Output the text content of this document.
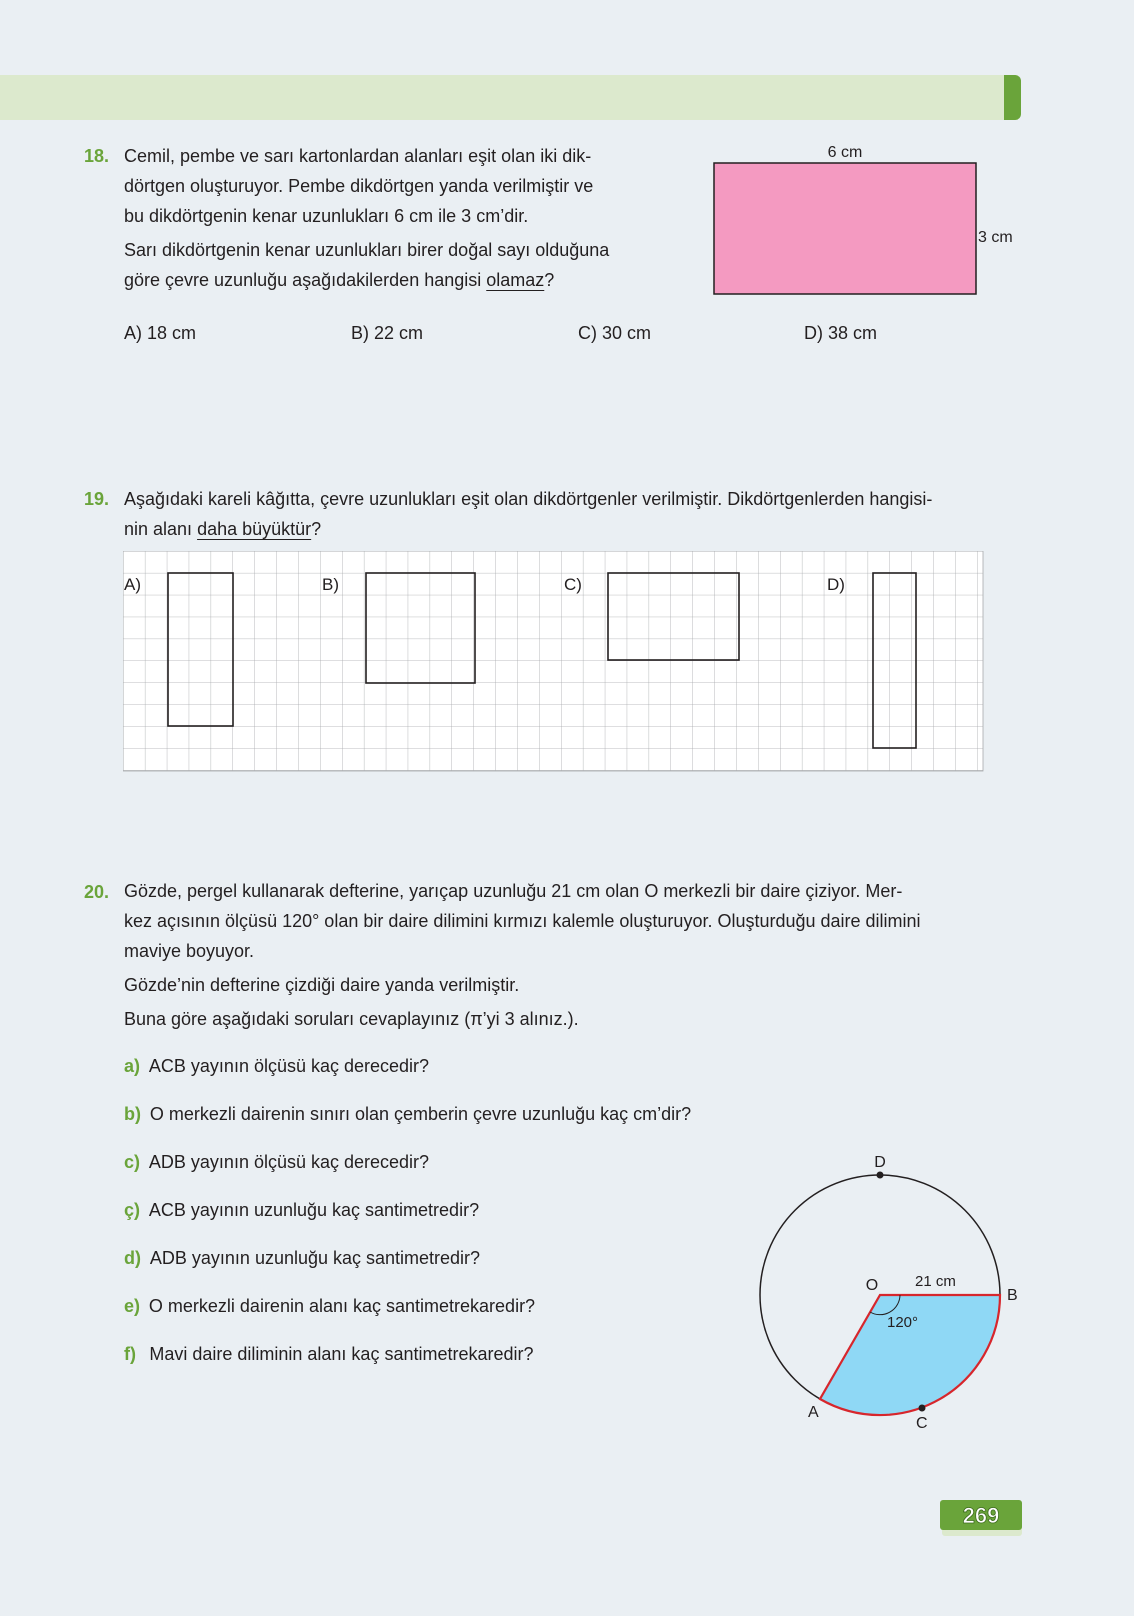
18. Cemil, pembe ve sarı kartonlardan alanları eşit olan iki dik-
dörtgen oluşturuyor. Pembe dikdörtgen yanda verilmiştir ve
bu dikdörtgenin kenar uzunlukları 6 cm ile 3 cm’dir.
Sarı dikdörtgenin kenar uzunlukları birer doğal sayı olduğuna
göre çevre uzunluğu aşağıdakilerden hangisi olamaz?
6 cm
3 cm
A) 18 cm	B) 22 cm	C) 30 cm	D) 38 cm
19. Aşağıdaki kareli kâğıtta, çevre uzunlukları eşit olan dikdörtgenler verilmiştir. Dikdörtgenlerden hangisi-
nin alanı daha büyüktür?
A)	B)	C)	D)
20. Gözde, pergel kullanarak defterine, yarıçap uzunluğu 21 cm olan O merkezli bir daire çiziyor. Mer-
kez açısının ölçüsü 120° olan bir daire dilimini kırmızı kalemle oluşturuyor. Oluşturduğu daire dilimini
maviye boyuyor.
Gözde’nin defterine çizdiği daire yanda verilmiştir.
Buna göre aşağıdaki soruları cevaplayınız (π’yi 3 alınız.).
a) ACB yayının ölçüsü kaç derecedir?
b) O merkezli dairenin sınırı olan çemberin çevre uzunluğu kaç cm’dir?
c) ADB yayının ölçüsü kaç derecedir?
ç) ACB yayının uzunluğu kaç santimetredir?
d) ADB yayının uzunluğu kaç santimetredir?
e) O merkezli dairenin alanı kaç santimetrekaredir?
f) Mavi daire diliminin alanı kaç santimetrekaredir?
D
O
B
A
C
21 cm
120°
269
